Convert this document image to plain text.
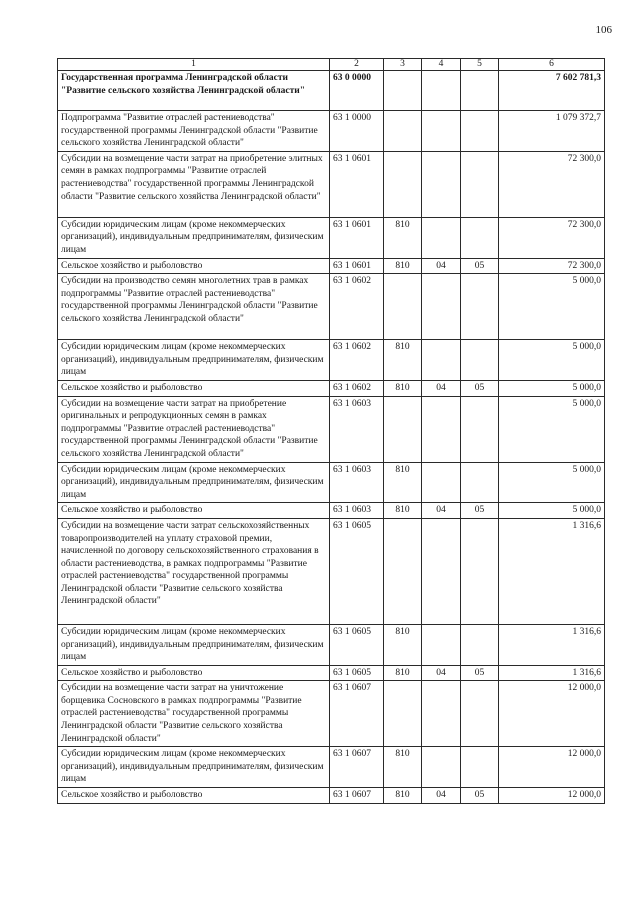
106
1	2	3	4	5	6
Государственная программа Ленинградской области "Развитие сельского хозяйства Ленинградской области"	63 0 0000				7 602 781,3
Подпрограмма "Развитие отраслей растениеводства" государственной программы Ленинградской области "Развитие сельского хозяйства Ленинградской области"	63 1 0000				1 079 372,7
Субсидии на возмещение части затрат на приобретение элитных семян в рамках подпрограммы "Развитие отраслей растениеводства" государственной программы Ленинградской области "Развитие сельского хозяйства Ленинградской области"	63 1 0601				72 300,0
Субсидии юридическим лицам (кроме некоммерческих организаций), индивидуальным предпринимателям, физическим лицам	63 1 0601	810			72 300,0
Сельское хозяйство и рыболовство	63 1 0601	810	04	05	72 300,0
Субсидии на производство семян многолетних трав в рамках подпрограммы "Развитие отраслей растениеводства" государственной программы Ленинградской области "Развитие сельского хозяйства Ленинградской области"	63 1 0602				5 000,0
Субсидии юридическим лицам (кроме некоммерческих организаций), индивидуальным предпринимателям, физическим лицам	63 1 0602	810			5 000,0
Сельское хозяйство и рыболовство	63 1 0602	810	04	05	5 000,0
Субсидии на возмещение части затрат на приобретение оригинальных и репродукционных семян в рамках подпрограммы "Развитие отраслей растениеводства" государственной программы Ленинградской области "Развитие сельского хозяйства Ленинградской области"	63 1 0603				5 000,0
Субсидии юридическим лицам (кроме некоммерческих организаций), индивидуальным предпринимателям, физическим лицам	63 1 0603	810			5 000,0
Сельское хозяйство и рыболовство	63 1 0603	810	04	05	5 000,0
Субсидии на возмещение части затрат сельскохозяйственных товаропроизводителей на уплату страховой премии, начисленной по договору сельскохозяйственного страхования в области растениеводства, в рамках подпрограммы "Развитие отраслей растениеводства" государственной программы Ленинградской области "Развитие сельского хозяйства Ленинградской области"	63 1 0605				1 316,6
Субсидии юридическим лицам (кроме некоммерческих организаций), индивидуальным предпринимателям, физическим лицам	63 1 0605	810			1 316,6
Сельское хозяйство и рыболовство	63 1 0605	810	04	05	1 316,6
Субсидии на возмещение части затрат на уничтожение борщевика Сосновского в рамках подпрограммы "Развитие отраслей растениеводства" государственной программы Ленинградской области "Развитие сельского хозяйства Ленинградской области"	63 1 0607				12 000,0
Субсидии юридическим лицам (кроме некоммерческих организаций), индивидуальным предпринимателям, физическим лицам	63 1 0607	810			12 000,0
Сельское хозяйство и рыболовство	63 1 0607	810	04	05	12 000,0
